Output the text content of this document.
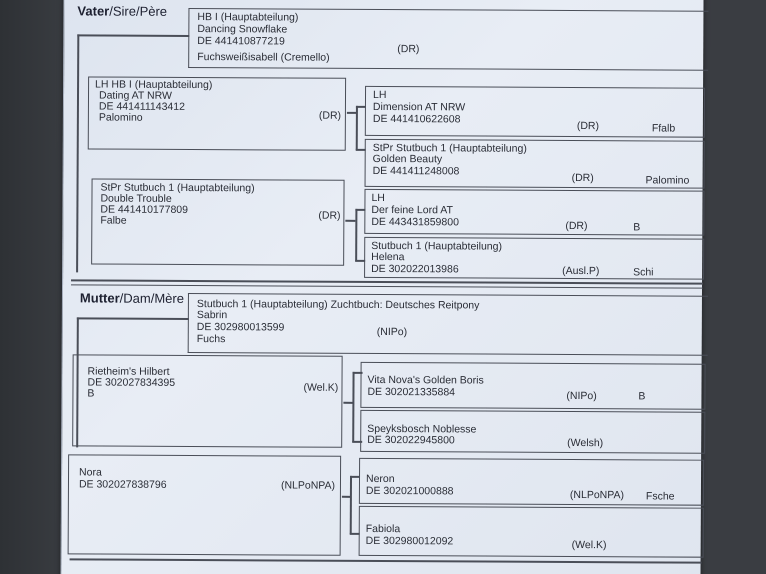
Vater/Sire/Père	HB I (Hauptabteilung)
Dancing Snowflake
DE 441410877219
Fuchsweißisabell (Cremello)
(DR)
LH HB I (Hauptabteilung)
Dating AT NRW
DE 441411143412
Palomino	(DR)
LH
Dimension AT NRW
DE 441410622608
(DR)	Ffalb
StPr Stutbuch 1 (Hauptabteilung)
Golden Beauty
DE 441411248008
(DR)	Palomino
StPr Stutbuch 1 (Hauptabteilung)
Double Trouble
DE 441410177809
Falbe	(DR)
LH
Der feine Lord AT
DE 443431859800	(DR)	B
Stutbuch 1 (Hauptabteilung)
Helena
DE 302022013986	(Ausl.P)	Schi
Mutter/Dam/Mère Stutbuch 1 (Hauptabteilung) Zuchtbuch: Deutsches Reitpony
Sabrin
DE 302980013599	(NIPo)
Fuchs
Rietheim's Hilbert
DE 302027834395
B	(Wel.K)
Vita Nova's Golden Boris
DE 302021335884	(NIPo)	B
Speyksbosch Noblesse
DE 302022945800	(Welsh)
Nora
DE 302027838796	(NLPoNPA)
Neron
DE 302021000888	(NLPoNPA) Fsche
Fabiola
DE 302980012092	(Wel.K)
